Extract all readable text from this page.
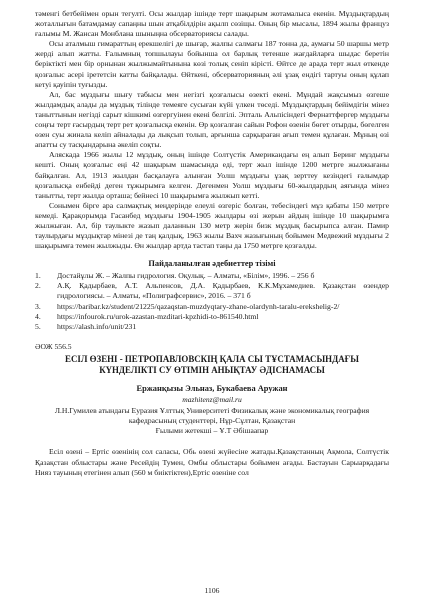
тәменгі бетбейімен орын тегулті. Осы жылдар ішінде терт шақырым жотамалыса екенін. Мұздықтардың жоталлығын батамдамау сапаңны шын атқабілдірін ақылп сөзіщы. Оның бір мысалы, 1894 жылы француз ғалымы М. Жансан Монблана шыныңна обсерваториясы салады.

Осы аталмыш гимараттың ерекшелігі де шығар, жалпы салмағы 187 тонна да, аумағы 50 шаршы метр жерді алып жатты. Ғалымның топшылауы бойынша ол барлық тетенше жағдайларға шыдас беретін беріктікті мен бір орнынан жылжымайтынына көзі толық сеніп кірісті. Өйтсе де арада терт жыл өткенде қозғалыс асері ірететсін катты байқалады. Өйткені, обсерваторияның әлі ұзақ ендігі тартуы оның құлап кетуі қауіпін туғызды.

Ал, бас мұздығы шығу табысы мен негізгі қозғалысы өзекті екені. Мұндай жақсымыз өзгеше жылдамдық алады да мұздық тілінде темеяге сусыған күйі үлкен төседі. Мұздықтардың бейімдігін мінез таныттынын негізді сарыт кішкимі өзгергуінен екені белгілі. Эпталь Альпісіндегі Фернаттфергер мұздығы соңғы терт ғасырдың терт рет қозғалысқа екенін. Өр қозғалған сайын Рофон өзенін бөгет отырды, бөгелген өзен суы жинала келіп айналады да лықсып толып, арғынша сарқыраған ағып темен құлаған. Мұның өзі апатты су тасқындарына әкеліп соқты.

Аляскада 1966 жылы 12 мұздық, оның ішінде Солтүстік Американдағы ең алып Беринг мұздығы кешті. Оның қозғалыс еңі 42 шақырым шамасында еді, терт жыл ішінде 1200 метрге жылжығаны байқалған. Ал, 1913 жылдан басқалауға алынған Уолш мұздығы ұзақ зерттеу кезіндегі ғалымдар қозғалысқа енбейді деген тұжырымға келген. Дегенмен Уолш мұздығы 60-жылдардың аяғында мінез танытты, терт жылда орташа; бейнесі 10 шақырымға жылжып кетті.

Сонымен бірге ара салмақтық меңдерінде елеулі өзгеріс болған, тебесіндегі мұз қабаты 150 метрге кемеді. Қарақорымда Гасанбед мұздығы 1904-1905 жылдары өзі жерын айдың ішінде 10 шақырымға жылжыған. Ал, бір таулыкте жазып даланнын 130 метр жерін бизк мұздық басырыпса алған. Памир таулырдағы мұздықтар мінезі де таң қалдық, 1963 жылы Вахч жазығының бойымен Медвежий мұздығы 2 шақырымға темен жылжыды. Өн жылдар артда тастап таңы да 1750 метрге қозғалды.

Пайдаланылған әдебиеттер тізімі
1.	Достайұлы Ж. – Жалпы гидрология. Оқулық. – Алматы, «Білім», 1996. – 256 б
2.	А.Қ. Қадырбаев, А.Т. Альпенсов, Д.А. Қадырбаев, К.К.Мұхамедиев. Қазақстан өзендер гидрологиясы. – Алматы, «Полиграфсервис», 2016. – 371 б
3.	https://baribar.kz/student/21225/qazaqstan-muzdyqtary-zhane-olardynh-taralu-erekshelig-2/
4.	https://infourok.ru/urok-azastan-mzditari-kpzhidi-to-861540.html
5.	https://alash.info/unit/231
ӘОЖ 556.5
ЕСІЛ ӨЗЕНІ - ПЕТРОПАВЛОВСКІҢ ҚАЛА СЫ ТҰСТАМАСЫНДАҒЫ
КҮНДЕЛІКТІ СУ ӨТІМІН АНЫҚТАУ ӘДІСНАМАСЫ
Ержанқызы Эльназ, Букабаева Аружан
mazhitenz@mail.ru
Л.Н.Гумилев атындағы Еуразия Ұлттық Университеті Физикалық және экономикалық география кафедрасының студенттері, Нұр-Сұлтан, Қазақстан
Ғылыми жетекші – Ұ.Т Әбішаапар

Есіл өзені – Ертіс өзенінің сол саласы, Обь өзені жүйесіне жатады.Қазақстанның Ақмола, Солтүстік Қазақстан облыстары және Ресейдің Тумен, Омбы облыстары бойымен ағады. Бастауын Сарыарқадағы Нияз тауының етегінен алып (560 м биіктіктен),Ертіс өзеніне сол

1106
